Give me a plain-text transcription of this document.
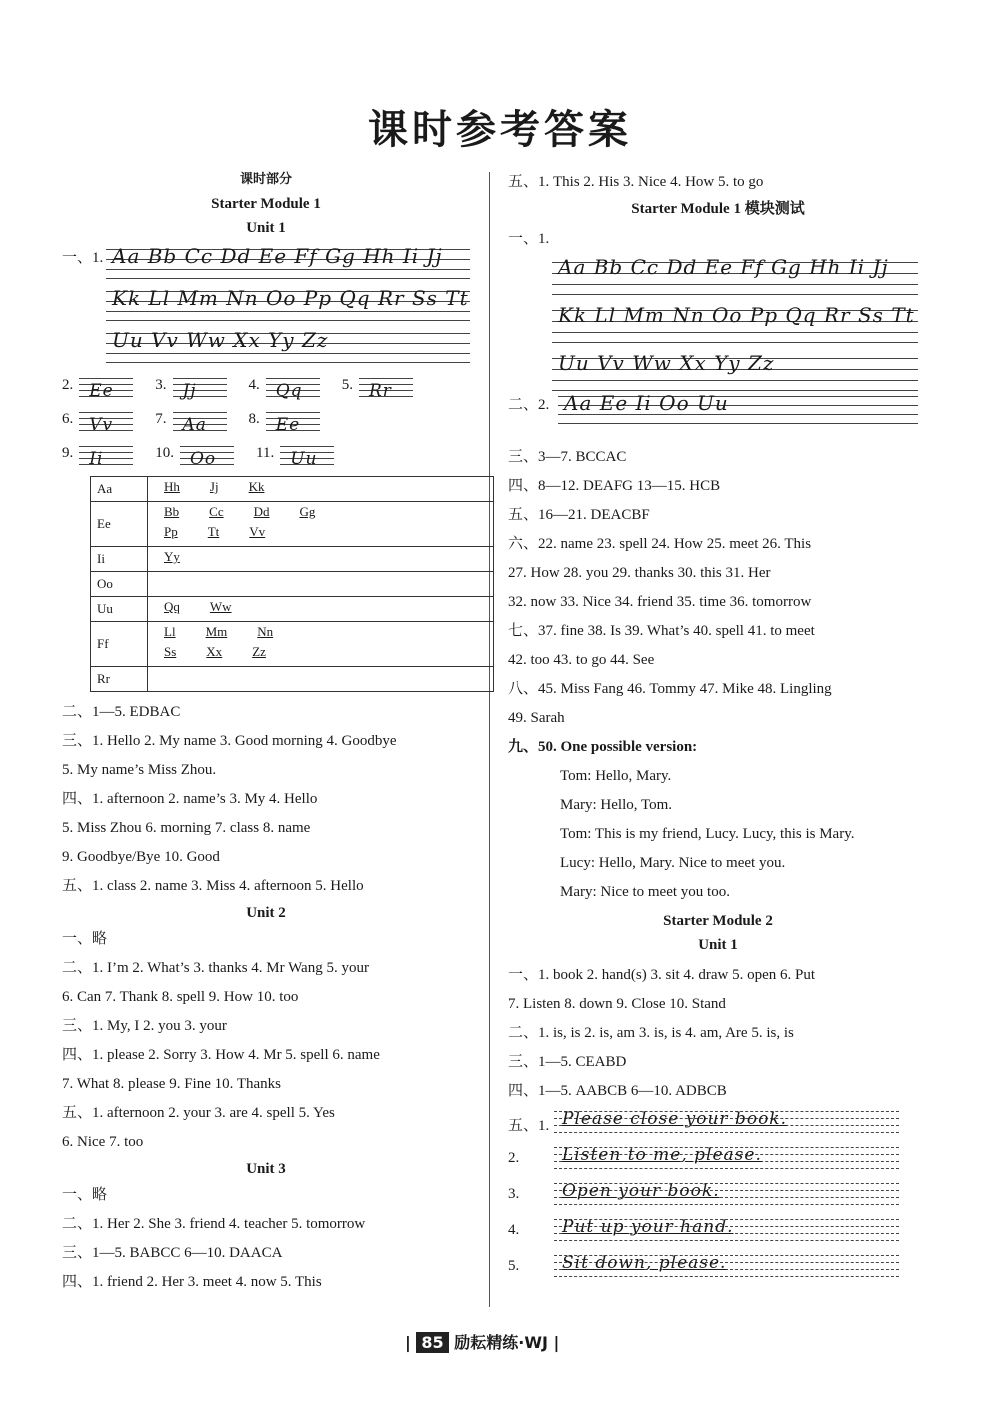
课时参考答案
课时部分
Starter Module 1
Unit 1
一、1. Aa Bb Cc Dd Ee Ff Gg Hh Ii Jj
Kk Ll Mm Nn Oo Pp Qq Rr Ss Tt
Uu Vv Ww Xx Yy Zz
2. Ee	3. Jj	4. Qq	5. Rr
6. Vv	7. Aa	8. Ee
9. Ii	10. Oo	11. Uu
Aa	Hh Jj Kk

Ee	Bb Cc Dd Gg
Pp Tt Vv

Ii	Yy

Oo	

Uu	Qq Ww

Ff	Ll Mm Nn
Ss Xx Zz

Rr	
二、1—5. EDBAC
三、1. Hello 2. My name 3. Good morning 4. Goodbye
5. My name’s Miss Zhou.
四、1. afternoon 2. name’s 3. My 4. Hello
5. Miss Zhou 6. morning 7. class 8. name
9. Goodbye/Bye 10. Good
五、1. class 2. name 3. Miss 4. afternoon 5. Hello
Unit 2
一、略
二、1. I’m 2. What’s 3. thanks 4. Mr Wang 5. your
6. Can 7. Thank 8. spell 9. How 10. too
三、1. My, I 2. you 3. your
四、1. please 2. Sorry 3. How 4. Mr 5. spell 6. name
7. What 8. please 9. Fine 10. Thanks
五、1. afternoon 2. your 3. are 4. spell 5. Yes
6. Nice 7. too
Unit 3
一、略
二、1. Her 2. She 3. friend 4. teacher 5. tomorrow
三、1—5. BABCC 6—10. DAACA
四、1. friend 2. Her 3. meet 4. now 5. This
五、1. This 2. His 3. Nice 4. How 5. to go
Starter Module 1 模块测试
一、1.
Aa Bb Cc Dd Ee Ff Gg Hh Ii Jj
Kk Ll Mm Nn Oo Pp Qq Rr Ss Tt
Uu Vv Ww Xx Yy Zz
二、2. Aa Ee Ii Oo Uu
三、3—7. BCCAC
四、8—12. DEAFG 13—15. HCB
五、16—21. DEACBF
六、22. name 23. spell 24. How 25. meet 26. This
27. How 28. you 29. thanks 30. this 31. Her
32. now 33. Nice 34. friend 35. time 36. tomorrow
七、37. fine 38. Is 39. What’s 40. spell 41. to meet
42. too 43. to go 44. See
八、45. Miss Fang 46. Tommy 47. Mike 48. Lingling
49. Sarah
九、50. One possible version:
Tom: Hello, Mary.
Mary: Hello, Tom.
Tom: This is my friend, Lucy. Lucy, this is Mary.
Lucy: Hello, Mary. Nice to meet you.
Mary: Nice to meet you too.
Starter Module 2
Unit 1
一、1. book 2. hand(s) 3. sit 4. draw 5. open 6. Put
7. Listen 8. down 9. Close 10. Stand
二、1. is, is 2. is, am 3. is, is 4. am, Are 5. is, is
三、1—5. CEABD
四、1—5. AABCB 6—10. ADBCB
五、1. Please close your book.
2.	Listen to me, please.
3.	Open your book.
4.	Put up your hand.
5.	Sit down, please.
| 85 励耘精练·WJ |
